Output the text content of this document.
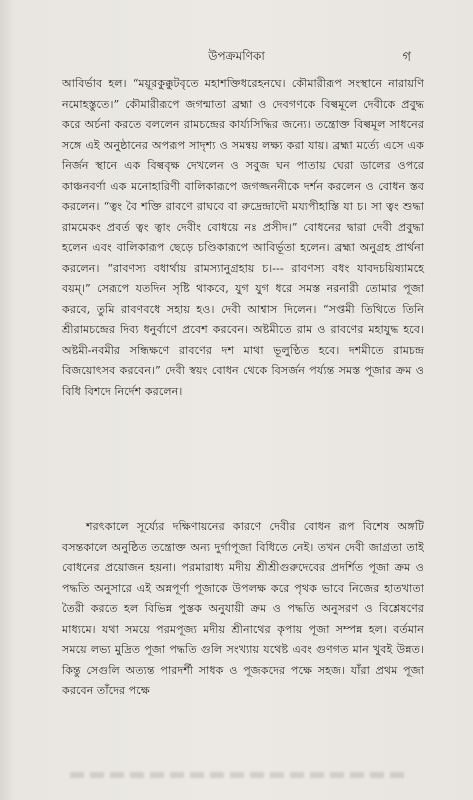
উপক্রমণিকা	গ
আবির্ভাব হল। “ময়ূরকুক্কুটবৃতে মহাশক্তিধরেহনঘে। কৌমারীরূপ সংস্থানে নারায়ণি নমোহস্তুতে।” কৌমারীরূপে জগন্মাতা ব্রহ্মা ও দেবগণকে বিল্বমূলে দেবীকে প্রবুদ্ধ করে অর্চনা করতে বললেন রামচন্দ্রের কার্য্যসিদ্ধির জন্যে। তন্ত্রোক্ত বিল্বমূল সাধনের সঙ্গে এই অনুষ্ঠানের অপরূপ সাদৃশ্য ও সমন্বয় লক্ষ্য করা যায়। ব্রহ্মা মর্ত্যে এসে এক নির্জন স্থানে এক বিল্ববৃক্ষ দেখলেন ও সবুজ ঘন পাতায় ঘেরা ডালের ওপরে কাঞ্চনবর্ণা এক মনোহারিণী বালিকারূপে জগজ্জননীকে দর্শন করলেন ও বোধন স্তব করলেন। “ত্বং বৈ শক্তি রাবণে রাঘবে বা রুদ্রেন্দ্রাদৌ ময্যপীহাস্তি যা চ। সা ত্বং শুদ্ধা রামমেকং প্রবর্ত ত্বং ত্বাং দেবীং বোধয়ে নঃ প্রসীদ।” বোধনের দ্বারা দেবী প্রবুদ্ধা হলেন এবং বালিকারূপ ছেড়ে চণ্ডিকারূপে আবির্ভূতা হলেন। ব্রহ্মা অনুগ্রহ প্রার্থনা করলেন। “রাবণস্য বধার্থায় রামস্যানুগ্রহায় চ।--- রাবণস্য বধং যাবদচয়িষ্যামহে বয়ম্।” সেরূপে যতদিন সৃষ্টি থাকবে, যুগ যুগ ধরে সমস্ত নরনারী তোমার পূজা করবে, তুমি রাবণবধে সহায় হও। দেবী আশ্বাস দিলেন। “সপ্তমী তিথিতে তিনি শ্রীরামচন্দ্রের দিব্য ধনুর্বাণে প্রবেশ করবেন। অষ্টমীতে রাম ও রাবণের মহাযুদ্ধ হবে। অষ্টমী-নবমীর সন্ধিক্ষণে রাবণের দশ মাথা ভূলুণ্ঠিত হবে। দশমীতে রামচন্দ্র বিজয়োৎসব করবেন।” দেবী স্বয়ং বোধন থেকে বিসর্জন পর্য্যন্ত সমস্ত পূজার ক্রম ও বিধি বিশদে নির্দেশ করলেন।
শরৎকালে সূর্য্যের দক্ষিণায়নের কারণে দেবীর বোধন রূপ বিশেষ অঙ্গটি বসন্তকালে অনুষ্ঠিত তন্ত্রোক্ত অন্য দুর্গাপূজা বিধিতে নেই। তখন দেবী জাগ্রতা তাই বোধনের প্রয়োজন হয়না। পরমারাধ্য মদীয় শ্রীশ্রীগুরুদেবের প্রদর্শিত পূজা ক্রম ও পদ্ধতি অনুসারে এই অন্নপূর্ণা পূজাকে উপলক্ষ করে পৃথক ভাবে নিজের হাতখাতা তৈরী করতে হল বিভিন্ন পুস্তক অনুযায়ী ক্রম ও পদ্ধতি অনুসরণ ও বিশ্লেষণের মাধ্যমে। যথা সময়ে পরমপূজ্য মদীয় শ্রীনাথের কৃপায় পূজা সম্পন্ন হল। বর্তমান সময়ে লভ্য মুদ্রিত পূজা পদ্ধতি গুলি সংখ্যায় যথেষ্ট এবং গুণগত মান খুবই উন্নত। কিন্তু সেগুলি অত্যন্ত পারদর্শী সাধক ও পূজকদের পক্ষে সহজ। যাঁরা প্রথম পূজা করবেন তাঁদের পক্ষে
